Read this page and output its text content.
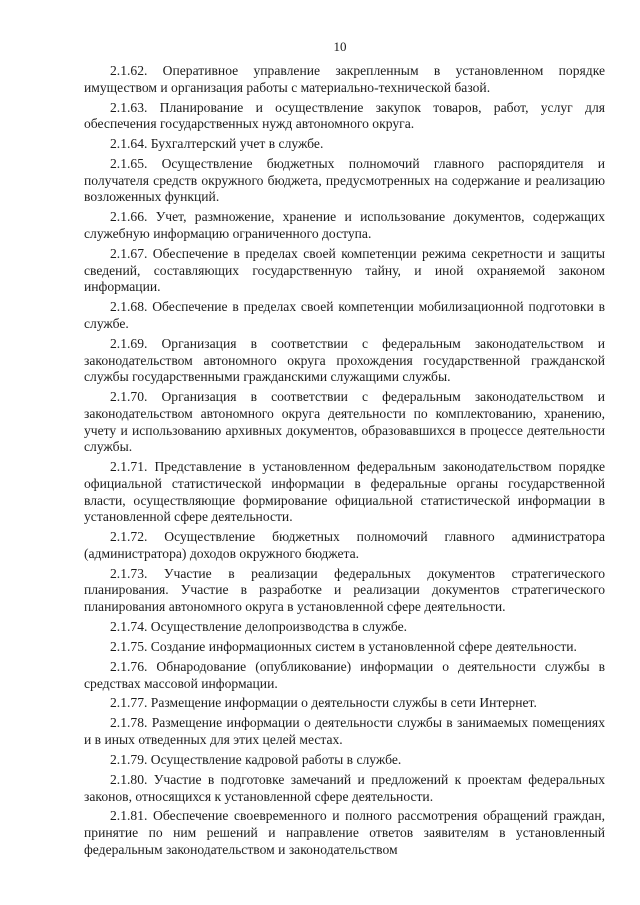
10

2.1.62. Оперативное управление закрепленным в установленном порядке имуществом и организация работы с материально-технической базой.

2.1.63. Планирование и осуществление закупок товаров, работ, услуг для обеспечения государственных нужд автономного округа.

2.1.64. Бухгалтерский учет в службе.

2.1.65. Осуществление бюджетных полномочий главного распорядителя и получателя средств окружного бюджета, предусмотренных на содержание и реализацию возложенных функций.

2.1.66. Учет, размножение, хранение и использование документов, содержащих служебную информацию ограниченного доступа.

2.1.67. Обеспечение в пределах своей компетенции режима секретности и защиты сведений, составляющих государственную тайну, и иной охраняемой законом информации.

2.1.68. Обеспечение в пределах своей компетенции мобилизационной подготовки в службе.

2.1.69. Организация в соответствии с федеральным законодательством и законодательством автономного округа прохождения государственной гражданской службы государственными гражданскими служащими службы.

2.1.70. Организация в соответствии с федеральным законодательством и законодательством автономного округа деятельности по комплектованию, хранению, учету и использованию архивных документов, образовавшихся в процессе деятельности службы.

2.1.71. Представление в установленном федеральным законодательством порядке официальной статистической информации в федеральные органы государственной власти, осуществляющие формирование официальной статистической информации в установленной сфере деятельности.

2.1.72. Осуществление бюджетных полномочий главного администратора (администратора) доходов окружного бюджета.

2.1.73. Участие в реализации федеральных документов стратегического планирования. Участие в разработке и реализации документов стратегического планирования автономного округа в установленной сфере деятельности.

2.1.74. Осуществление делопроизводства в службе.

2.1.75. Создание информационных систем в установленной сфере деятельности.

2.1.76. Обнародование (опубликование) информации о деятельности службы в средствах массовой информации.

2.1.77. Размещение информации о деятельности службы в сети Интернет.

2.1.78. Размещение информации о деятельности службы в занимаемых помещениях и в иных отведенных для этих целей местах.

2.1.79. Осуществление кадровой работы в службе.

2.1.80. Участие в подготовке замечаний и предложений к проектам федеральных законов, относящихся к установленной сфере деятельности.

2.1.81. Обеспечение своевременного и полного рассмотрения обращений граждан, принятие по ним решений и направление ответов заявителям в установленный федеральным законодательством и законодательством
